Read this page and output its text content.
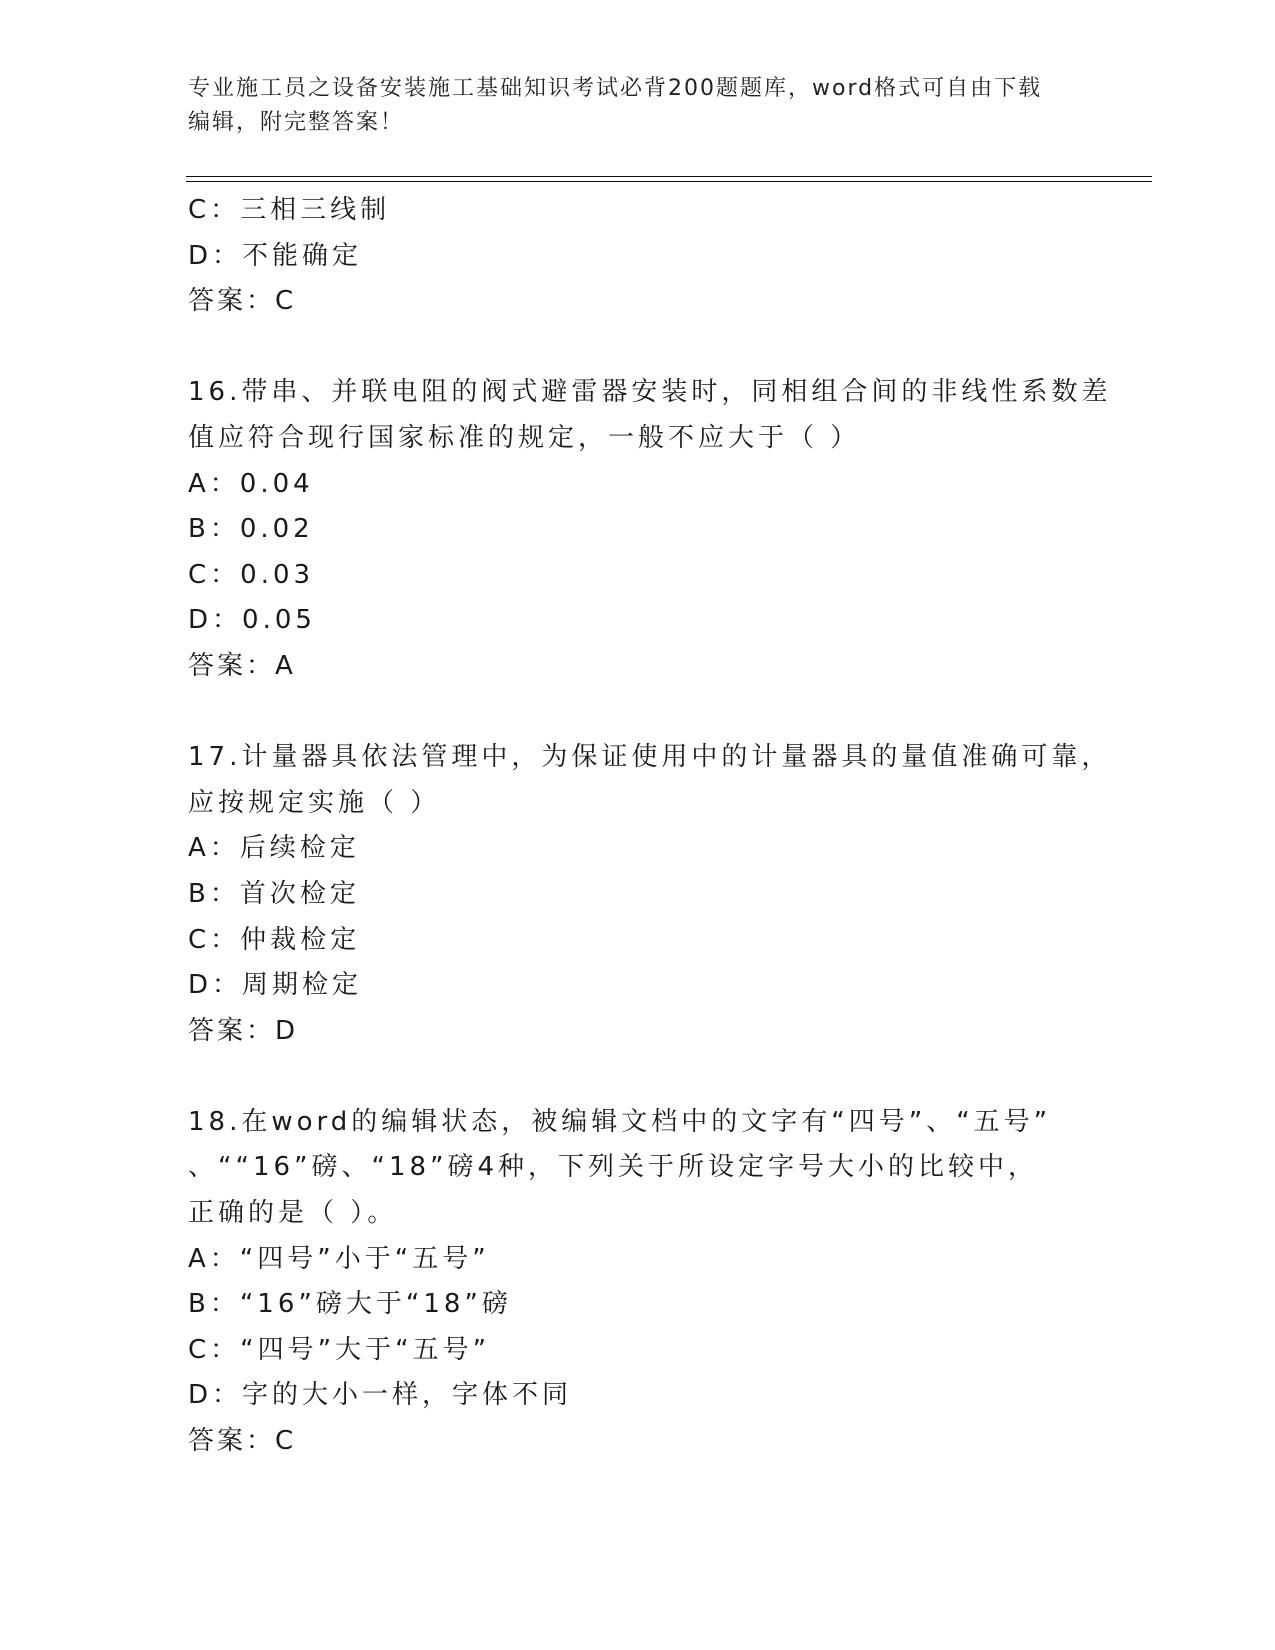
专业施工员之设备安装施工基础知识考试必背200题题库，word格式可自由下载
编辑，附完整答案！
C：三相三线制
D：不能确定
答案：C
16.带串、并联电阻的阀式避雷器安装时，同相组合间的非线性系数差
值应符合现行国家标准的规定，一般不应大于（ ）
A：0.04
B：0.02
C：0.03
D：0.05
答案：A
17.计量器具依法管理中，为保证使用中的计量器具的量值准确可靠，
应按规定实施（ ）
A：后续检定
B：首次检定
C：仲裁检定
D：周期检定
答案：D
18.在word的编辑状态，被编辑文档中的文字有“四号”、“五号”
、““16”磅、“18”磅4种，下列关于所设定字号大小的比较中，
正确的是（ ）。
A：“四号”小于“五号”
B：“16”磅大于“18”磅
C：“四号”大于“五号”
D：字的大小一样，字体不同
答案：C
